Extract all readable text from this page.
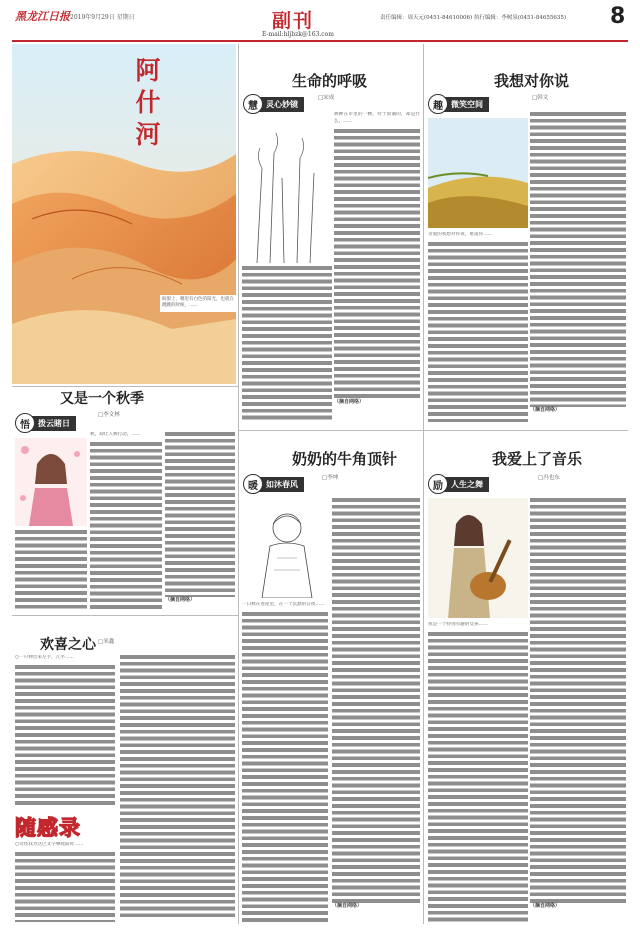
黑龙江日报 2019年9月29日 星期日	副刊
E-mail:hljbzk@163.com
责任编辑：周天元(0451-84610006) 执行编辑：李树泉(0451-84655635) 8
阿
什
河
盼甜上，哪里有白色的阳光，也就在跳跳的时候，……
生命的呼吸
□宋成
慧	灵心妙镜
被种在市里的一颗，对于雨滴的，却是什么，……
（摘自网络）
我想对你说
□韩文
趣	微笑空间
亲爱的我想对你说，难道你……
（摘自网络）
又是一个秋季
□李文林
悟	拨云睹日
秋，却让人被打动，……
（摘自网络）
奶奶的牛角顶针
□李坤
暖	如沐春风
一日秋在进屋里，在一个沉默的日夜……
（摘自网络）
我爱上了音乐
□冯也东
励	人生之舞
我是一个特别有趣的女孩……
（摘自网络）
欢喜之心 □米鑫
○一只伸出来左手，几乎……
随感录
○奇怪我为这巴文字攀爬前时……
